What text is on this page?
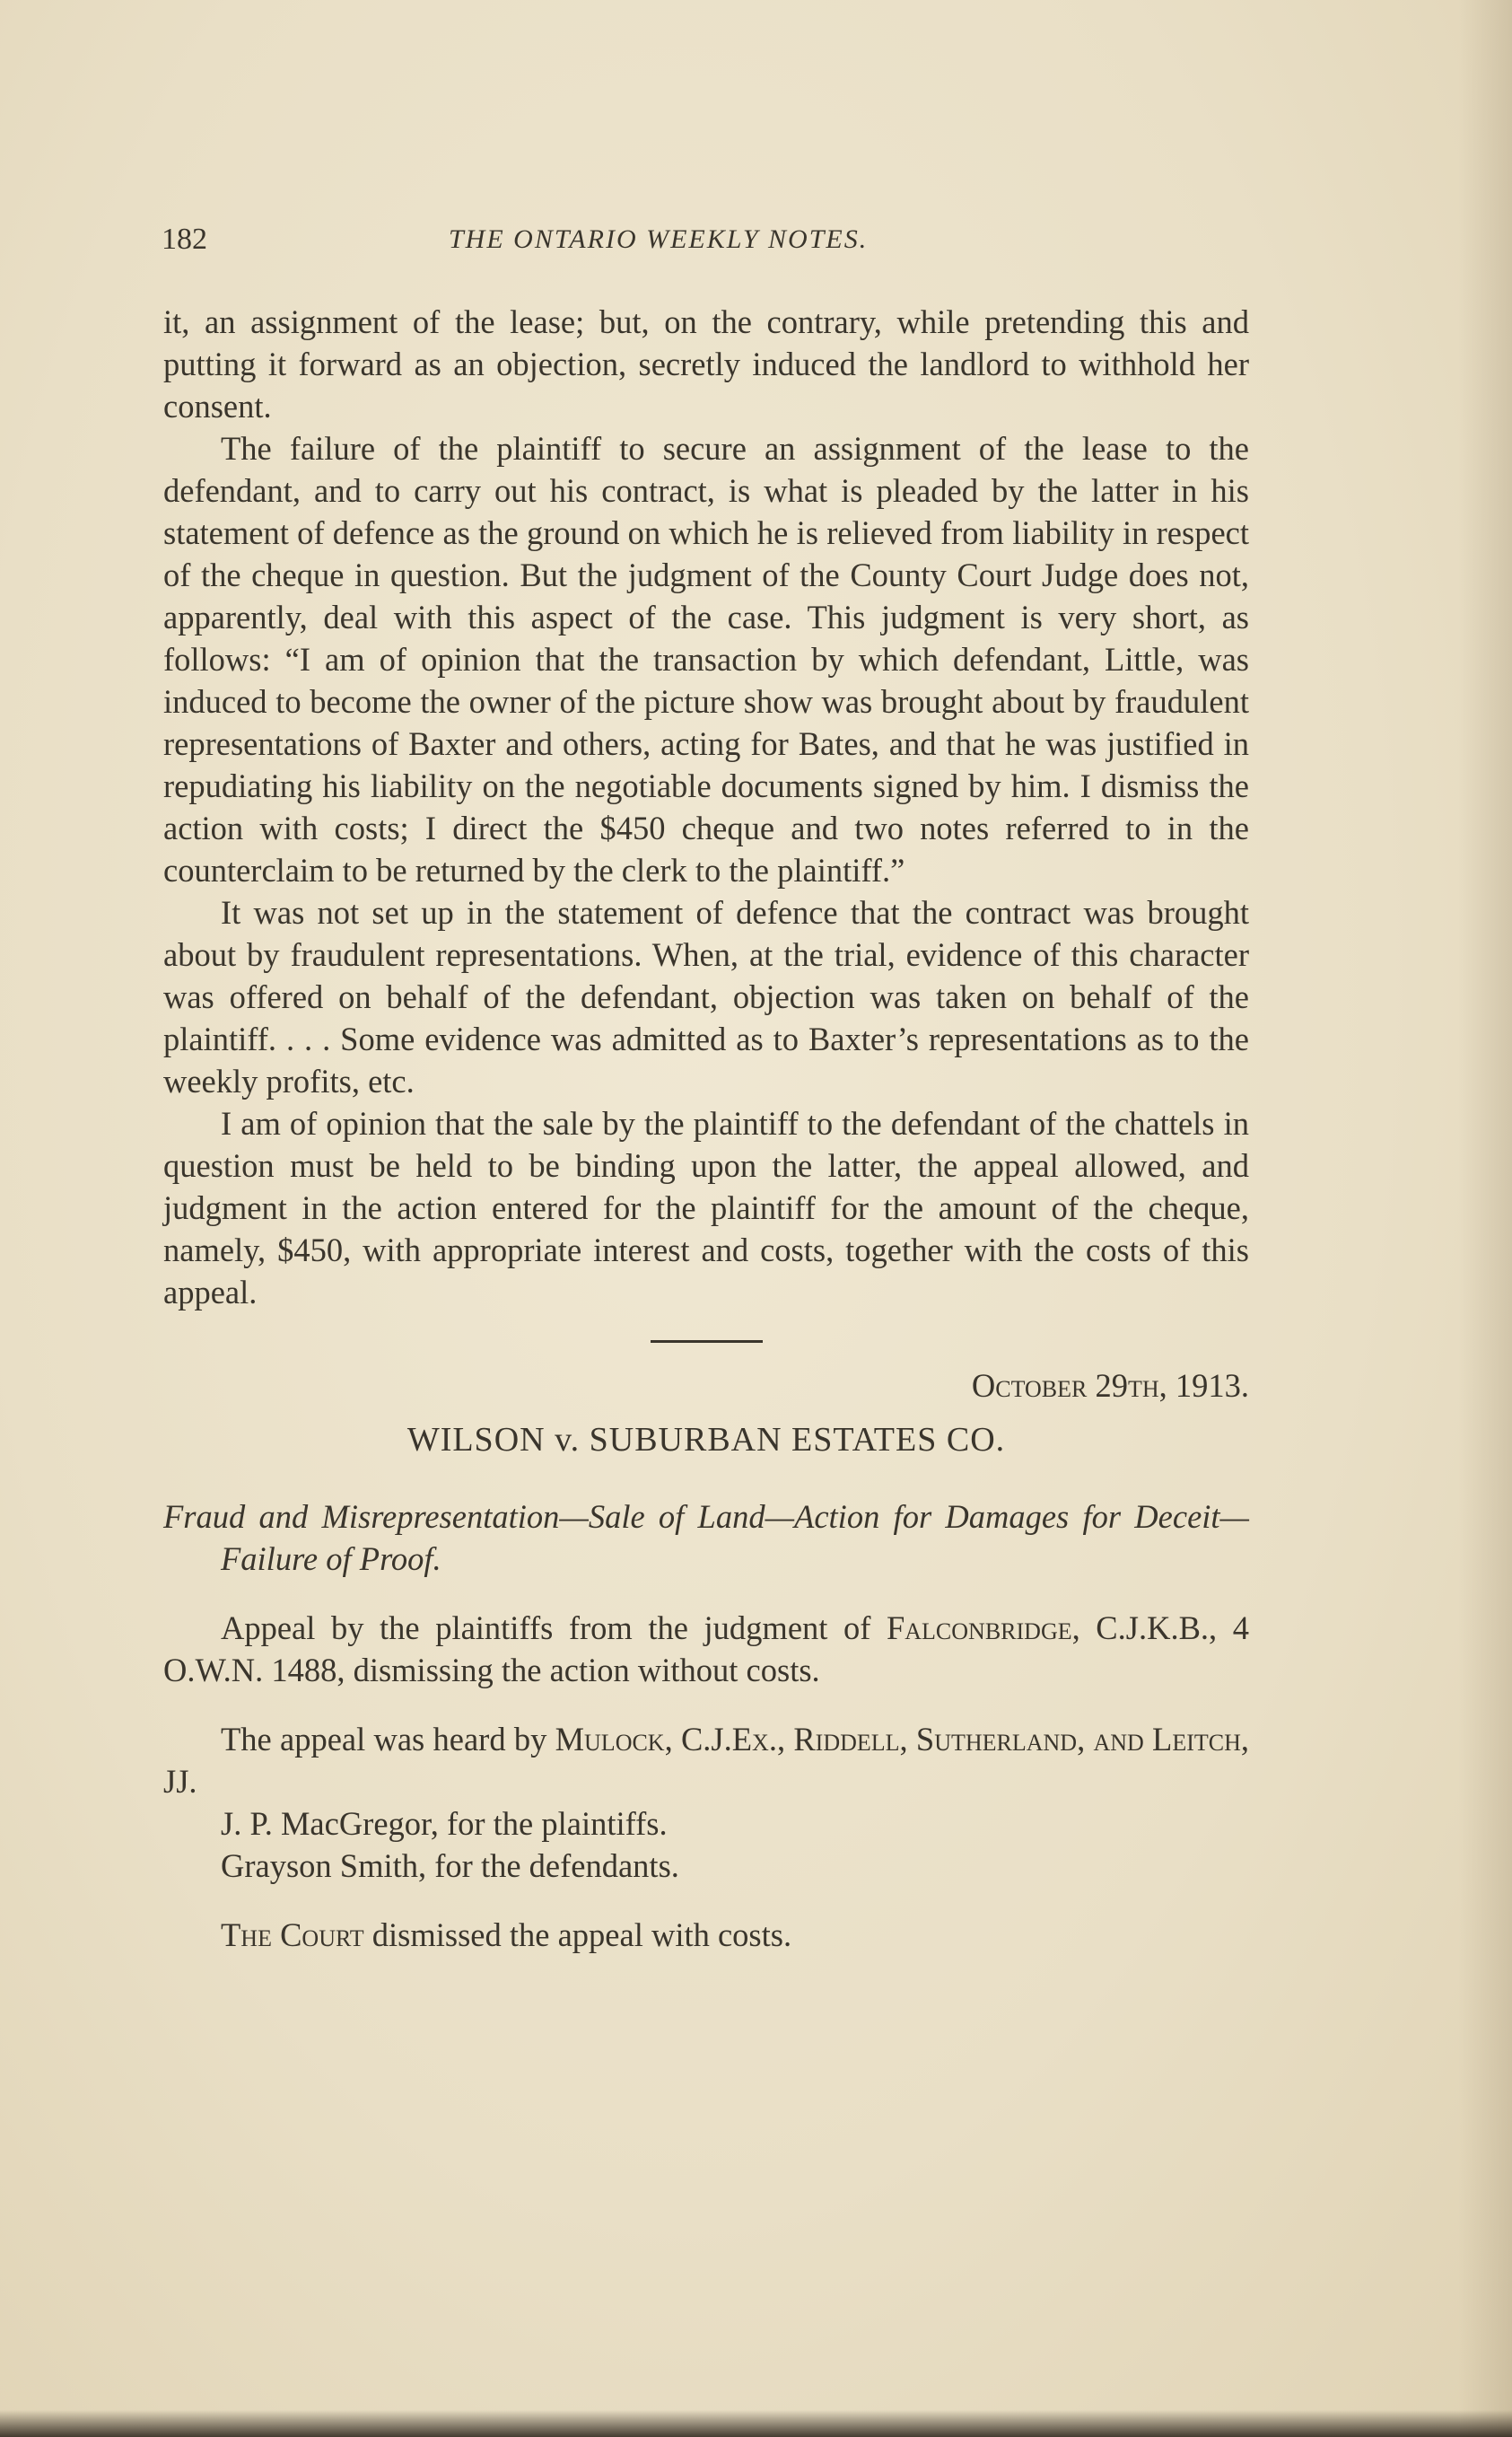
182	THE ONTARIO WEEKLY NOTES.

it, an assignment of the lease; but, on the contrary, while pretending this and putting it forward as an objection, secretly induced the landlord to withhold her consent.

The failure of the plaintiff to secure an assignment of the lease to the defendant, and to carry out his contract, is what is pleaded by the latter in his statement of defence as the ground on which he is relieved from liability in respect of the cheque in question. But the judgment of the County Court Judge does not, apparently, deal with this aspect of the case. This judgment is very short, as follows: “I am of opinion that the transaction by which defendant, Little, was induced to become the owner of the picture show was brought about by fraudulent representations of Baxter and others, acting for Bates, and that he was justified in repudiating his liability on the negotiable documents signed by him. I dismiss the action with costs; I direct the $450 cheque and two notes referred to in the counterclaim to be returned by the clerk to the plaintiff.”

It was not set up in the statement of defence that the contract was brought about by fraudulent representations. When, at the trial, evidence of this character was offered on behalf of the defendant, objection was taken on behalf of the plaintiff. . . . Some evidence was admitted as to Baxter’s representations as to the weekly profits, etc.

I am of opinion that the sale by the plaintiff to the defendant of the chattels in question must be held to be binding upon the latter, the appeal allowed, and judgment in the action entered for the plaintiff for the amount of the cheque, namely, $450, with appropriate interest and costs, together with the costs of this appeal.

October 29th, 1913.

WILSON v. SUBURBAN ESTATES CO.

Fraud and Misrepresentation—Sale of Land—Action for Damages for Deceit—Failure of Proof.

Appeal by the plaintiffs from the judgment of Falconbridge, C.J.K.B., 4 O.W.N. 1488, dismissing the action without costs.

The appeal was heard by Mulock, C.J.Ex., Riddell, Sutherland, and Leitch, JJ.

J. P. MacGregor, for the plaintiffs.

Grayson Smith, for the defendants.

The Court dismissed the appeal with costs.
